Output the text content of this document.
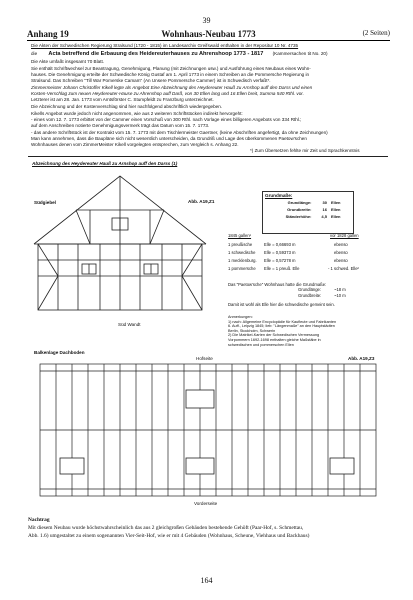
39
Anhang 19	Wohnhaus-Neubau 1773	(2 Seiten)
Die Akten der Schwedischen Regierung Stralsund (1720 - 1815) im Landesarchiv Greifswald enthalten in der Repositur 10 Nr. 4735
die Acta betreffend die Erbauung des Heidereuterhauses zu Ahrenshoop 1773 - 1817 (Kammersachen tit No. 20)
Die Akte umfaßt insgesamt 70 Blatt.
Sie enthält Schriftwechsel zur Beantragung, Genehmigung, Planung (mit Zeichnungen usw.) und Ausführung eines Neubaus eines Wohn-
hauses. Die Genehmigung erteilte der Schwedische König Gustaf am 1. April 1773 in einem Schreiben an die Pommersche Regierung in
Stralsund. Das Schreiben "Till War Pomerske Camam" (An Unsere Pommersche Cammer) ist in Schwedisch verfaßt*.
Zimmermeister Johann Christoffer Kikell legte als Angebot Eine Abzeichnung des Heydereuter Hauß zu Arnshop auff den Darss und einen
Kosten-Verschlag zum neuen Heydereuter-Hause zu Ahrenshop auff Darß, von 30 Ellen lang und 16 Ellen breit, Summa 540 Rthl. vor.
Letzterer ist am 28. Jan. 1773 vom Amtsförster C. Stumpfeldt zu Franzburg unterzeichnet.
Die Abzeichnung und der Kostenverschlag sind hier nachfolgend abschriftlich wiedergegeben.
Kikells Angebot wurde jedoch nicht angenommen, wie aus 2 weiteren Schriftstücken indirekt hervorgeht:
- eines vom 12. 7. 1773 erbittet von der Cammer einen Vorschuß von 300 Rthl. nach Vorlage eines billigeren Angebots von 334 Rthl.;
auf dem Anschreiben notierte Genehmigungsvermerk trägt das Datum vom 15. 7. 1773.
- das andere Schriftstück ist der Kontrakt vom 15. 7. 1773 mit dem Tischlermeister Gaertner, (keine Abschriften angefertigt, da ohne Zeichnungen)
Man kann annehmen, dass die Baupläne sich nicht wesentlich unterscheiden, da Grundriß und Lage des überkommenen Paetow'schen
Wohnhauses denen vom ZimmerMeister Kikell vorgelegten entsprechen, zum Vergleich s. Anhang 22.
*) Zum Übersetzen fehlte mir Zeit und Sprachkenntnis
Abzeichnung des Heydereuter Hauß zu Arnshop auff den Darss (1)
Südgiebel	Abb. A19,Z1
Süd Wandt
Grundmaße:
Grundlänge:	30	Ellen
Grundbreite:	16	Ellen
Ständerhöhe:	4,5	Ellen
1845 gallen¹	vor 1828 gallen
1 preußische	Elle = 0,66693 m	ebenso
1 schwedische Elle = 0,59373 m	ebenso
1 mecklenburg. Elle = 0,57278 m	ebenso
1 pommersche Elle = 1 preuß. Elle	- 1 schwed. Elle²
Das "Paetow'sche" Wohnhaus hatte die Grundmaße:
Grundlänge:	~18 m
Grundbreite:	~10 m
Damit ist wohl als Elle hier die schwedische gemeint sein.
Anmerkungen:
1) nach: Allgemeine Encyclopädie für Kaufleute und Fabrikanten
6. Auff., Leipzig 1845; lieb: "Längenmaße" an den Hauptstädten
Berlin, Stockholm, Schwerin
2) Die Matrikel-Karten der Schwedischen Vermessung
Vorpommern 1692-1698 enthalten gleiche Maßstäbe in
schwedischen und pommerschen Ellen
Balkenlage Dachboden
Hofseite	Abb. A19,Z3
Vorderseite
Nachtrag
Mit diesem Neubau wurde höchstwahrscheinlich das aus 2 gleichgroßen Gebäuden bestehende Gehöft (Paar-Hof, s. Schmettau,
Abb. 1.6) umgestaltet zu einem sogenannten Vier-Seit-Hof, wie er mit 4 Gebäuden (Wohnhaus, Scheune, Viehhaus und Backhaus)
164
